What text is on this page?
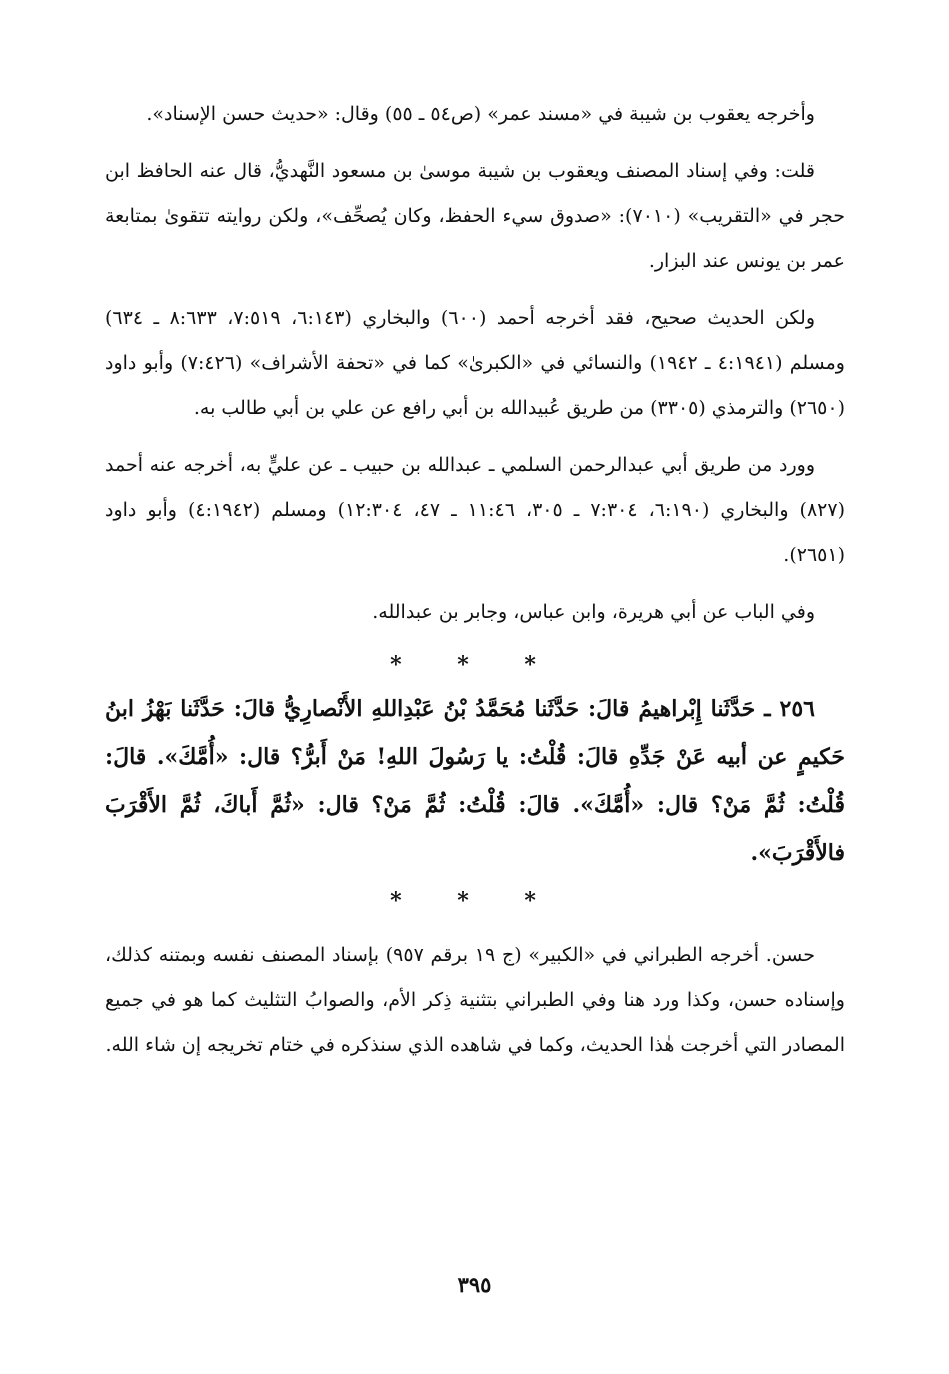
وأخرجه يعقوب بن شيبة في «مسند عمر» (ص٥٤ ـ ٥٥) وقال: «حديث حسن الإسناد».

قلت: وفي إسناد المصنف ويعقوب بن شيبة موسىٰ بن مسعود النَّهديُّ، قال عنه الحافظ ابن حجر في «التقريب» (٧٠١٠): «صدوق سيء الحفظ، وكان يُصحِّف»، ولكن روايته تتقوىٰ بمتابعة عمر بن يونس عند البزار.

ولكن الحديث صحيح، فقد أخرجه أحمد (٦٠٠) والبخاري (٦:١٤٣، ٧:٥١٩، ٨:٦٣٣ ـ ٦٣٤) ومسلم (٤:١٩٤١ ـ ١٩٤٢) والنسائي في «الكبرىٰ» كما في «تحفة الأشراف» (٧:٤٢٦) وأبو داود (٢٦٥٠) والترمذي (٣٣٠٥) من طريق عُبيدالله بن أبي رافع عن علي بن أبي طالب به.

وورد من طريق أبي عبدالرحمن السلمي ـ عبدالله بن حبيب ـ عن عليٍّ به، أخرجه عنه أحمد (٨٢٧) والبخاري (٦:١٩٠، ٧:٣٠٤ ـ ٣٠٥، ١١:٤٦ ـ ٤٧، ١٢:٣٠٤) ومسلم (٤:١٩٤٢) وأبو داود (٢٦٥١).

وفي الباب عن أبي هريرة، وابن عباس، وجابر بن عبدالله.

* * *

٢٥٦ ـ حَدَّثَنا إِبْراهيمُ قالَ: حَدَّثَنا مُحَمَّدُ بْنُ عَبْدِاللهِ الأَنْصارِيُّ قالَ: حَدَّثَنا بَهْزُ ابنُ حَكيمٍ عن أبيه عَنْ جَدِّهِ قالَ: قُلْتُ: يا رَسُولَ اللهِ! مَنْ أَبرُّ؟ قال: «أُمَّكَ». قالَ: قُلْتُ: ثُمَّ مَنْ؟ قال: «أُمَّكَ». قالَ: قُلْتُ: ثُمَّ مَنْ؟ قال: «ثُمَّ أَباكَ، ثُمَّ الأَقْرَبَ فالأَقْرَبَ».

* * *

حسن. أخرجه الطبراني في «الكبير» (ج ١٩ برقم ٩٥٧) بإسناد المصنف نفسه وبمتنه كذلك، وإسناده حسن، وكذا ورد هنا وفي الطبراني بتثنية ذِكر الأم، والصوابُ التثليث كما هو في جميع المصادر التي أخرجت هٰذا الحديث، وكما في شاهده الذي سنذكره في ختام تخريجه إن شاء الله.

٣٩٥
